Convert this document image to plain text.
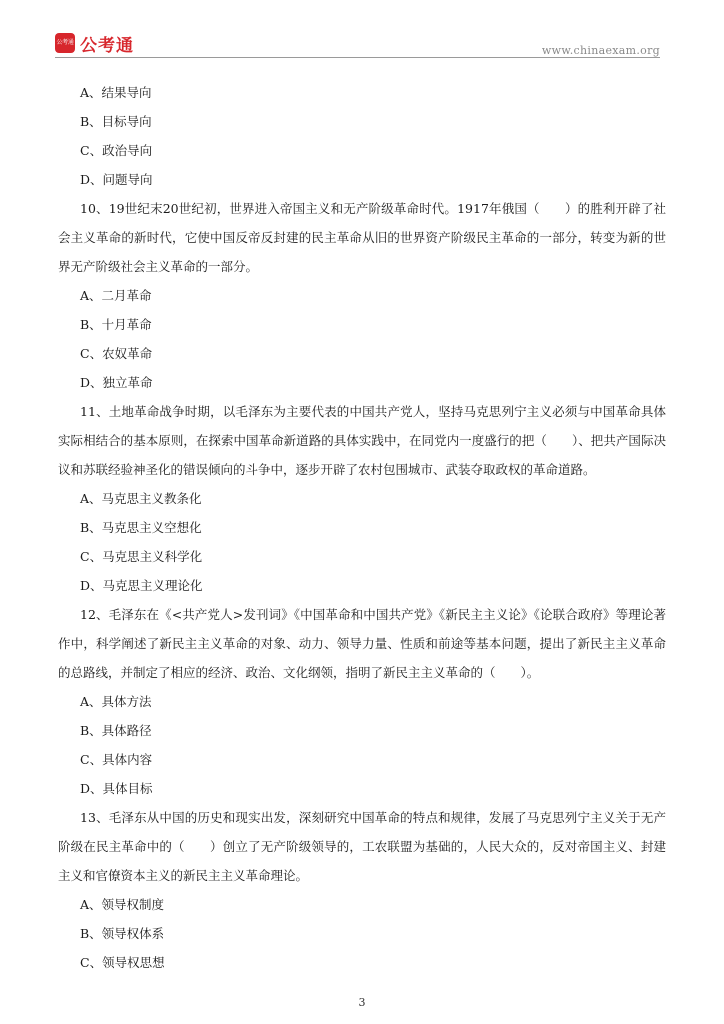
公考通 公考通	www.chinaexam.org
A、结果导向
B、目标导向
C、政治导向
D、问题导向

10、19世纪末20世纪初，世界进入帝国主义和无产阶级革命时代。1917年俄国（　　）的胜利开辟了社会主义革命的新时代，它使中国反帝反封建的民主革命从旧的世界资产阶级民主革命的一部分，转变为新的世界无产阶级社会主义革命的一部分。

A、二月革命
B、十月革命
C、农奴革命
D、独立革命

11、土地革命战争时期，以毛泽东为主要代表的中国共产党人，坚持马克思列宁主义必须与中国革命具体实际相结合的基本原则，在探索中国革命新道路的具体实践中，在同党内一度盛行的把（　　）、把共产国际决议和苏联经验神圣化的错误倾向的斗争中，逐步开辟了农村包围城市、武装夺取政权的革命道路。

A、马克思主义教条化
B、马克思主义空想化
C、马克思主义科学化
D、马克思主义理论化

12、毛泽东在《<共产党人>发刊词》《中国革命和中国共产党》《新民主主义论》《论联合政府》等理论著作中，科学阐述了新民主主义革命的对象、动力、领导力量、性质和前途等基本问题，提出了新民主主义革命的总路线，并制定了相应的经济、政治、文化纲领，指明了新民主主义革命的（　　）。

A、具体方法
B、具体路径
C、具体内容
D、具体目标

13、毛泽东从中国的历史和现实出发，深刻研究中国革命的特点和规律，发展了马克思列宁主义关于无产阶级在民主革命中的（　　）创立了无产阶级领导的，工农联盟为基础的，人民大众的，反对帝国主义、封建主义和官僚资本主义的新民主主义革命理论。

A、领导权制度
B、领导权体系
C、领导权思想
3
